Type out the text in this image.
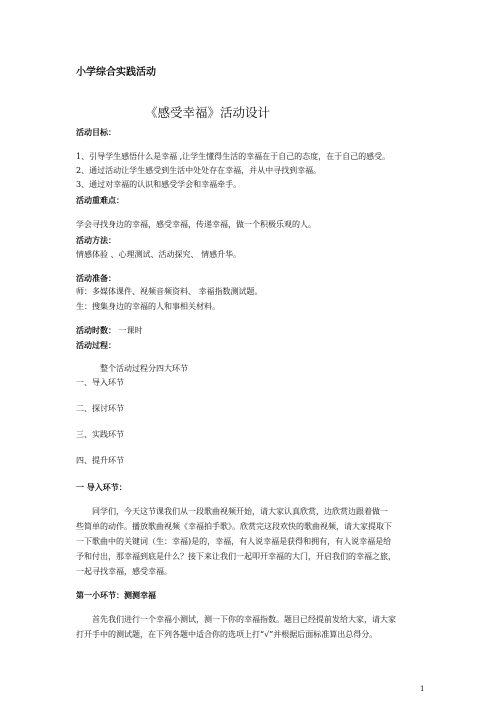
小学综合实践活动
《感受幸福》活动设计
活动目标：
1、引导学生感悟什么是幸福 ,让学生懂得生活的幸福在于自己的态度，在于自己的感受。
2、通过活动让学生感受到生活中处处存在幸福，并从中寻找到幸福。
3、通过对幸福的认识和感受学会和幸福牵手。
活动重难点：
学会寻找身边的幸福，感受幸福，传递幸福，做一个积极乐观的人。
活动方法：
情感体验 、心理测试、活动探究、 情感升华。
活动准备：
师：多媒体课件、视频音频资料、 幸福指数测试题。
生：搜集身边的幸福的人和事相关材料。
活动时数： 一课时
活动过程：
整个活动过程分四大环节
一、导入环节
二、探讨环节
三、实践环节
四、提升环节
一 导入环节：
同学们，今天这节课我们从一段歌曲视频开始，请大家认真欣赏，边欣赏边跟着做一
些简单的动作。播放歌曲视频《幸福拍手歌》。欣赏完这段欢快的歌曲视频，请大家提取下
一下歌曲中的关键词（生：幸福)是的，幸福，有人说幸福是获得和拥有，有人说幸福是给
予和付出，那幸福到底是什么？接下来让我们一起叩开幸福的大门，开启我们的幸福之旅，
一起寻找幸福，感受幸福。
第一小环节：测测幸福
首先我们进行一个幸福小测试，测一下你的幸福指数。题目已经提前发给大家，请大家
打开手中的测试题，在下列各题中适合你的选项上打“√”并根据后面标准算出总得分。
1
